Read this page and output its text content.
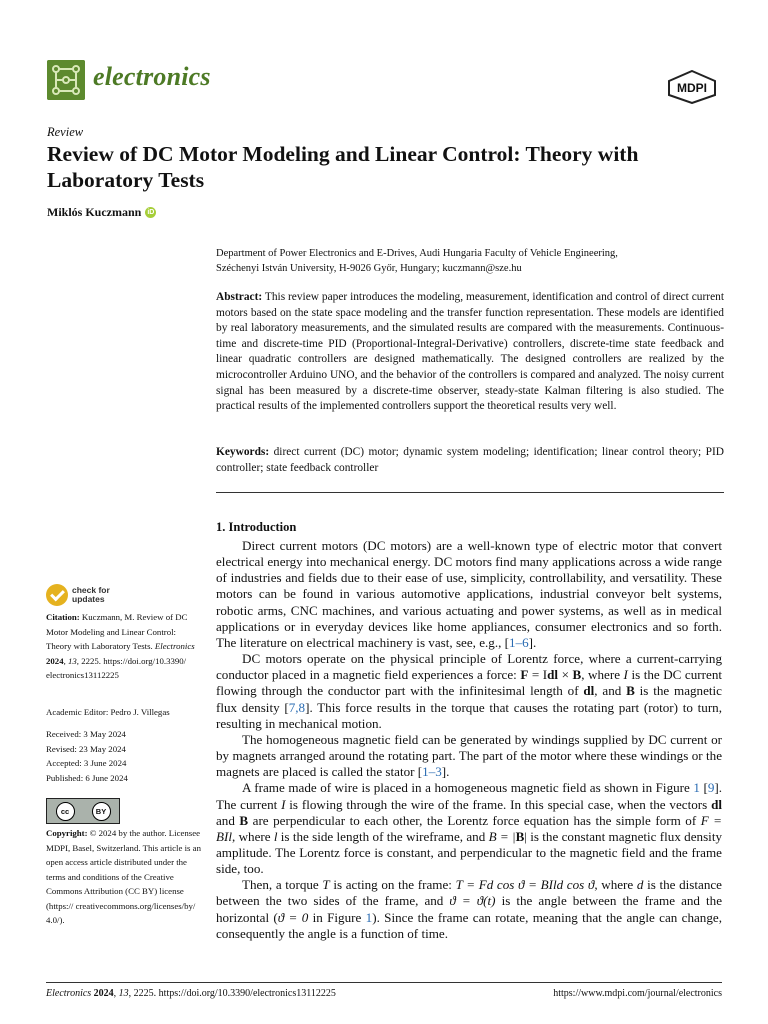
electronics	MDPI
Review
Review of DC Motor Modeling and Linear Control: Theory with Laboratory Tests
Miklós Kuczmann iD
Department of Power Electronics and E-Drives, Audi Hungaria Faculty of Vehicle Engineering,
Széchenyi István University, H-9026 Győr, Hungary; kuczmann@sze.hu
Abstract: This review paper introduces the modeling, measurement, identification and control of direct current motors based on the state space modeling and the transfer function representation. These models are identified by real laboratory measurements, and the simulated results are compared with the measurements. Continuous-time and discrete-time PID (Proportional-Integral-Derivative) controllers, discrete-time state feedback and linear quadratic controllers are designed mathematically. The designed controllers are realized by the microcontroller Arduino UNO, and the behavior of the controllers is compared and analyzed. The noisy current signal has been measured by a discrete-time observer, steady-state Kalman filtering is also studied. The practical results of the implemented controllers support the theoretical results very well.
Keywords: direct current (DC) motor; dynamic system modeling; identification; linear control theory; PID controller; state feedback controller
1. Introduction

Direct current motors (DC motors) are a well-known type of electric motor that convert electrical energy into mechanical energy. DC motors find many applications across a wide range of industries and fields due to their ease of use, simplicity, controllability, and versatility. These motors can be found in various automotive applications, industrial conveyor belt systems, robotic arms, CNC machines, and various actuating and power systems, as well as in medical applications or in everyday devices like home appliances, consumer electronics and so forth. The literature on electrical machinery is vast, see, e.g., [1–6].

DC motors operate on the physical principle of Lorentz force, where a current-carrying conductor placed in a magnetic field experiences a force: F = Idl × B, where I is the DC current flowing through the conductor part with the infinitesimal length of dl, and B is the magnetic flux density [7,8]. This force results in the torque that causes the rotating part (rotor) to turn, resulting in mechanical motion.

The homogeneous magnetic field can be generated by windings supplied by DC current or by magnets arranged around the rotating part. The part of the motor where these windings or the magnets are placed is called the stator [1–3].

A frame made of wire is placed in a homogeneous magnetic field as shown in Figure 1 [9]. The current I is flowing through the wire of the frame. In this special case, when the vectors dl and B are perpendicular to each other, the Lorentz force equation has the simple form of F = BIl, where l is the side length of the wireframe, and B = |B| is the constant magnetic flux density amplitude. The Lorentz force is constant, and perpendicular to the magnetic field and the frame side, too.

Then, a torque T is acting on the frame: T = Fd cos ϑ = BIld cos ϑ, where d is the distance between the two sides of the frame, and ϑ = ϑ(t) is the angle between the frame and the horizontal (ϑ = 0 in Figure 1). Since the frame can rotate, meaning that the angle can change, consequently the angle is a function of time.

check for
updates
Citation: Kuczmann, M. Review of DC Motor Modeling and Linear Control: Theory with Laboratory Tests. Electronics 2024, 13, 2225. https://doi.org/10.3390/ electronics13112225
Academic Editor: Pedro J. Villegas
Received: 3 May 2024
Revised: 23 May 2024
Accepted: 3 June 2024
Published: 6 June 2024
cc	BY
Copyright: © 2024 by the author. Licensee MDPI, Basel, Switzerland. This article is an open access article distributed under the terms and conditions of the Creative Commons Attribution (CC BY) license (https:// creativecommons.org/licenses/by/ 4.0/).
Electronics 2024, 13, 2225. https://doi.org/10.3390/electronics13112225	https://www.mdpi.com/journal/electronics
